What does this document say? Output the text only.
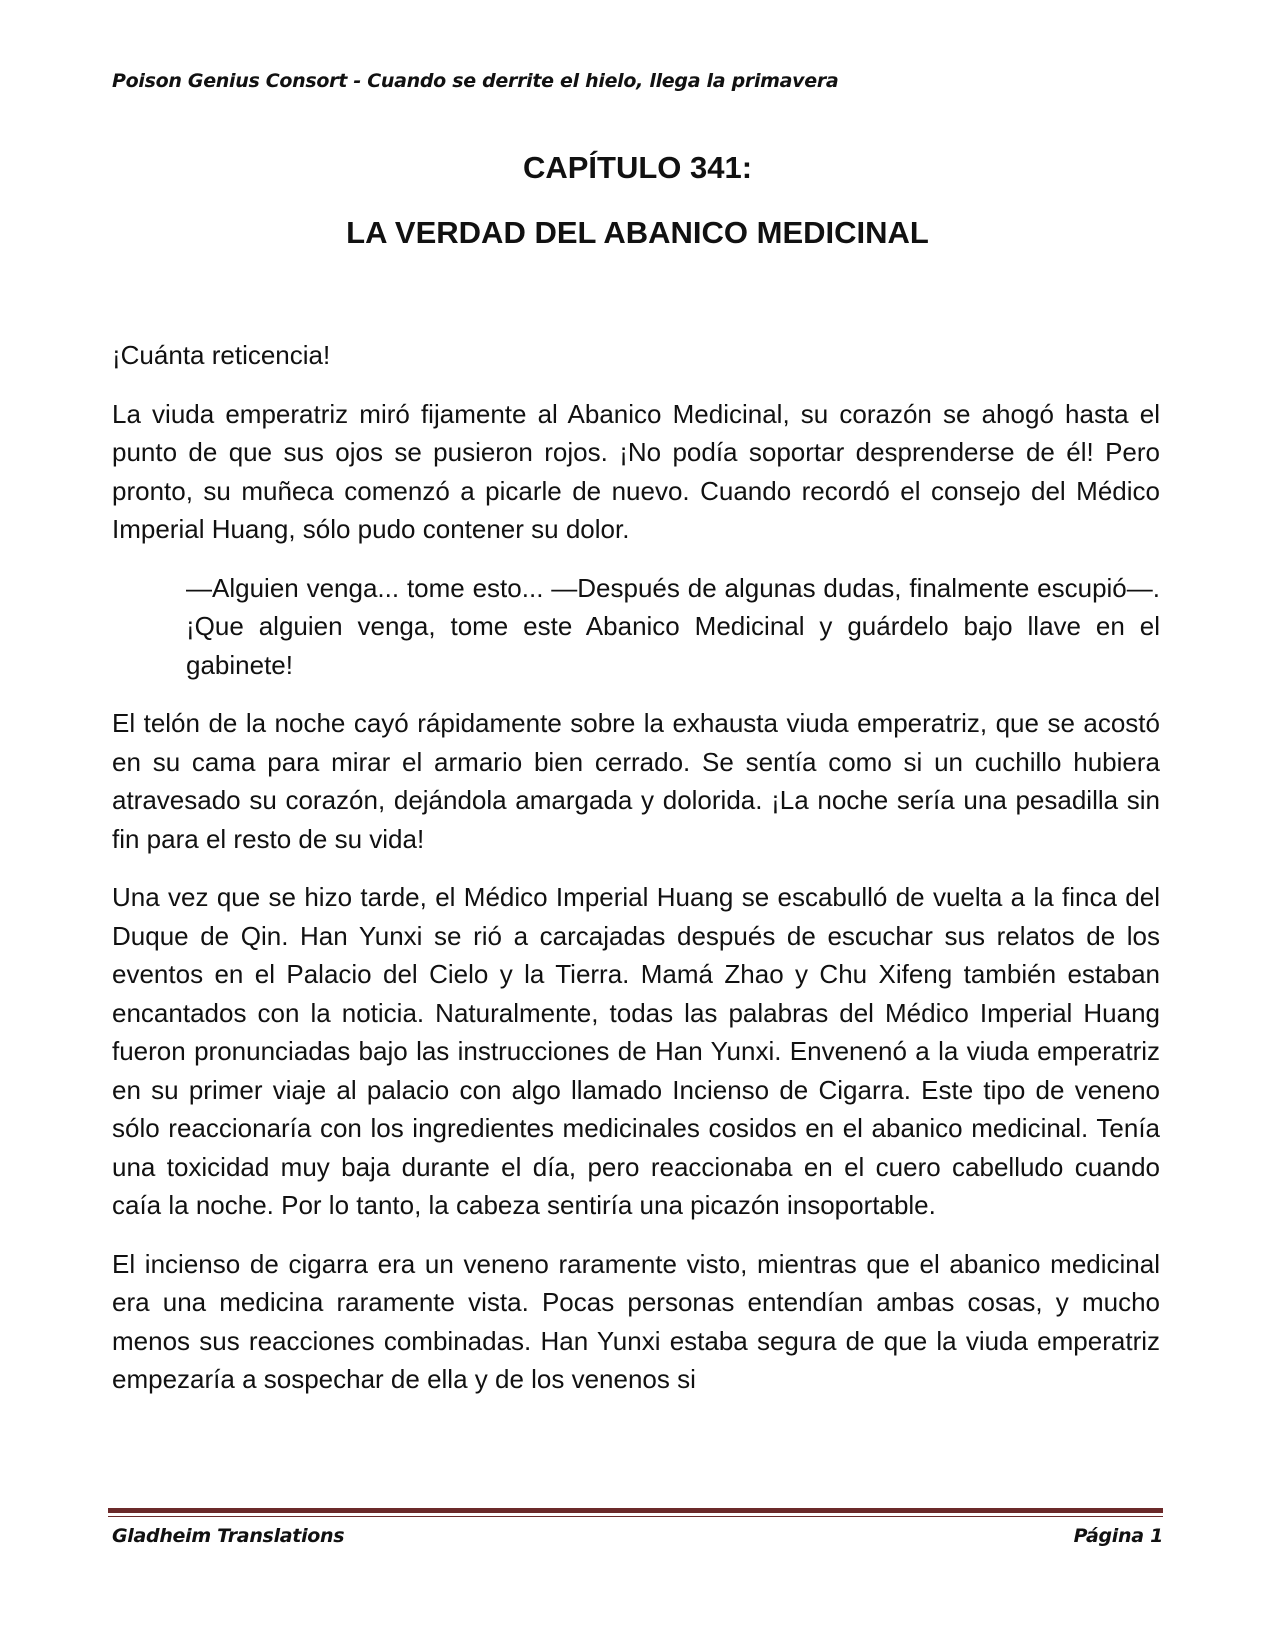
Poison Genius Consort - Cuando se derrite el hielo, llega la primavera
CAPÍTULO 341:
LA VERDAD DEL ABANICO MEDICINAL

¡Cuánta reticencia!

La viuda emperatriz miró fijamente al Abanico Medicinal, su corazón se ahogó hasta el punto de que sus ojos se pusieron rojos. ¡No podía soportar desprenderse de él! Pero pronto, su muñeca comenzó a picarle de nuevo. Cuando recordó el consejo del Médico Imperial Huang, sólo pudo contener su dolor.

—Alguien venga... tome esto... —Después de algunas dudas, finalmente escupió—. ¡Que alguien venga, tome este Abanico Medicinal y guárdelo bajo llave en el gabinete!

El telón de la noche cayó rápidamente sobre la exhausta viuda emperatriz, que se acostó en su cama para mirar el armario bien cerrado. Se sentía como si un cuchillo hubiera atravesado su corazón, dejándola amargada y dolorida. ¡La noche sería una pesadilla sin fin para el resto de su vida!

Una vez que se hizo tarde, el Médico Imperial Huang se escabulló de vuelta a la finca del Duque de Qin. Han Yunxi se rió a carcajadas después de escuchar sus relatos de los eventos en el Palacio del Cielo y la Tierra. Mamá Zhao y Chu Xifeng también estaban encantados con la noticia. Naturalmente, todas las palabras del Médico Imperial Huang fueron pronunciadas bajo las instrucciones de Han Yunxi. Envenenó a la viuda emperatriz en su primer viaje al palacio con algo llamado Incienso de Cigarra. Este tipo de veneno sólo reaccionaría con los ingredientes medicinales cosidos en el abanico medicinal. Tenía una toxicidad muy baja durante el día, pero reaccionaba en el cuero cabelludo cuando caía la noche. Por lo tanto, la cabeza sentiría una picazón insoportable.

El incienso de cigarra era un veneno raramente visto, mientras que el abanico medicinal era una medicina raramente vista. Pocas personas entendían ambas cosas, y mucho menos sus reacciones combinadas. Han Yunxi estaba segura de que la viuda emperatriz empezaría a sospechar de ella y de los venenos si

Gladheim Translations	Página 1
